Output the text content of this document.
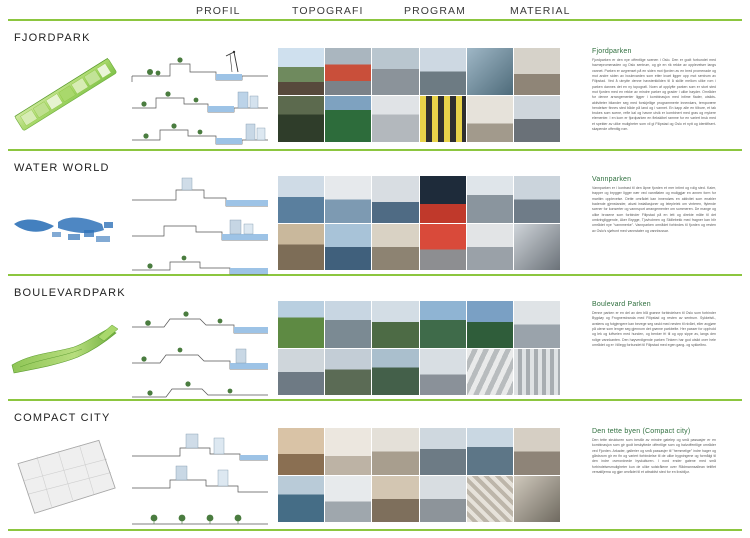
PROFIL	TOPOGRAFI	PROGRAM	MATERIAL
FJORDPARK
Fjordparken

Fjordparken er den nye offentlige scenen i Oslo. Den er godt forbundet med havnepromenaden og Oslo sentrum, og gir en rik rekke av opplevelser langs vannet. Parken er avgrenset på en siden mot fjorden av en bred promenade og mot andre siden av boulevarden som etter kvart ligger opp mot sentrum av Filipstad. Ved å utnytte denne havsterkkilden til å skille mellom ulike rom i parken dannes det en ny topografi. Noen af opplyfte parken som er stort sted mot fjorden med en rekke av mindre parker og grader i ulike høyder. Områder for denne arrangementer ligger i kombinasjon med intime flader, utsikts-aktiviteter bliander seg med forskjellige programmerte innendørs, temporære hendelser finnes sted både på land og i vannet. En kapp alle en tilbure, et tak brukes som scene, refle kal og havne utvik er kombinert med gras og mykere elementer. I en kom er fjordparken en flekskibel ramme for en variert bruk med et spekter av ulike muligheter som vil gi Filipstad og Oslo et nytt og identifisert-skapende offentlig rom.

WATER WORLD
Vannparken

Vannparken er i kontrast til den åpne fjorden et mer intimt og rolig sted. Kaier, trapper og brygger ligger nær ved vannflaten og muliggjør en annen form for maritim opplevelse. Dette området kan innendørs en aktivitet som enabler badende gjenstander, akvat installasjoner og leiepleiek om vinteren, flytende scener for konserter og vannsport arrangementer om sommeren. De mange og ulike brosene som forbinder Filipstad på en lett og direkte måte til det omkringliggende, Aker Brygge, Tjuvholmen og Skillebekk med fragner kan blir området nye "vannmerke". Vannparken området forbindes til fjorden og resten av Oslo's sjøfront med vannstater og vannbussar.

BOULEVARDPARK
Boulevard Parken

Denne parken er en del av den blå grønne forbindelsen til Oslo som forbinder Bygdøy og Frognerstranda med Filipstad og resten av sentrum. Sykkelsti-, avstens og fotgjengere kan bevege seg raskt med nesten til nivået, eller avgjøre på ulene som lenger seg gjennom det grønne parkbelte. Her passer for opphold og lek og luftveien med hunden, og benker fri til og opp sippe av, langs den rolige vannkanten. Den høyverdigende parken Tinkern har god utsikt over hele området og er i tillegg forbundet til Filipstad med egen gang- og sykkelbro.

COMPACT CITY
Den tette byen (Compact city)

Den tette strukturen som består av mindre gatelep og små passasjer er en kombinasjon som gir godt beskyttede offentlige som og halvoffentlige områder ved Fjorden. Arkader, gallerier og små passasjer til "hemmelige" indre hager og gårdsrom gir en fin og variert forbindelse til de ulike bygningene og formålgi til den indre overordnede byskulturen. I nord ender gatene med små forbindelsesmuligheter kun de ulike solstrålene over Rådmannsallean tetiflet versatiljerna og gjør området til et attraktivt sted for en livsbiljur.
